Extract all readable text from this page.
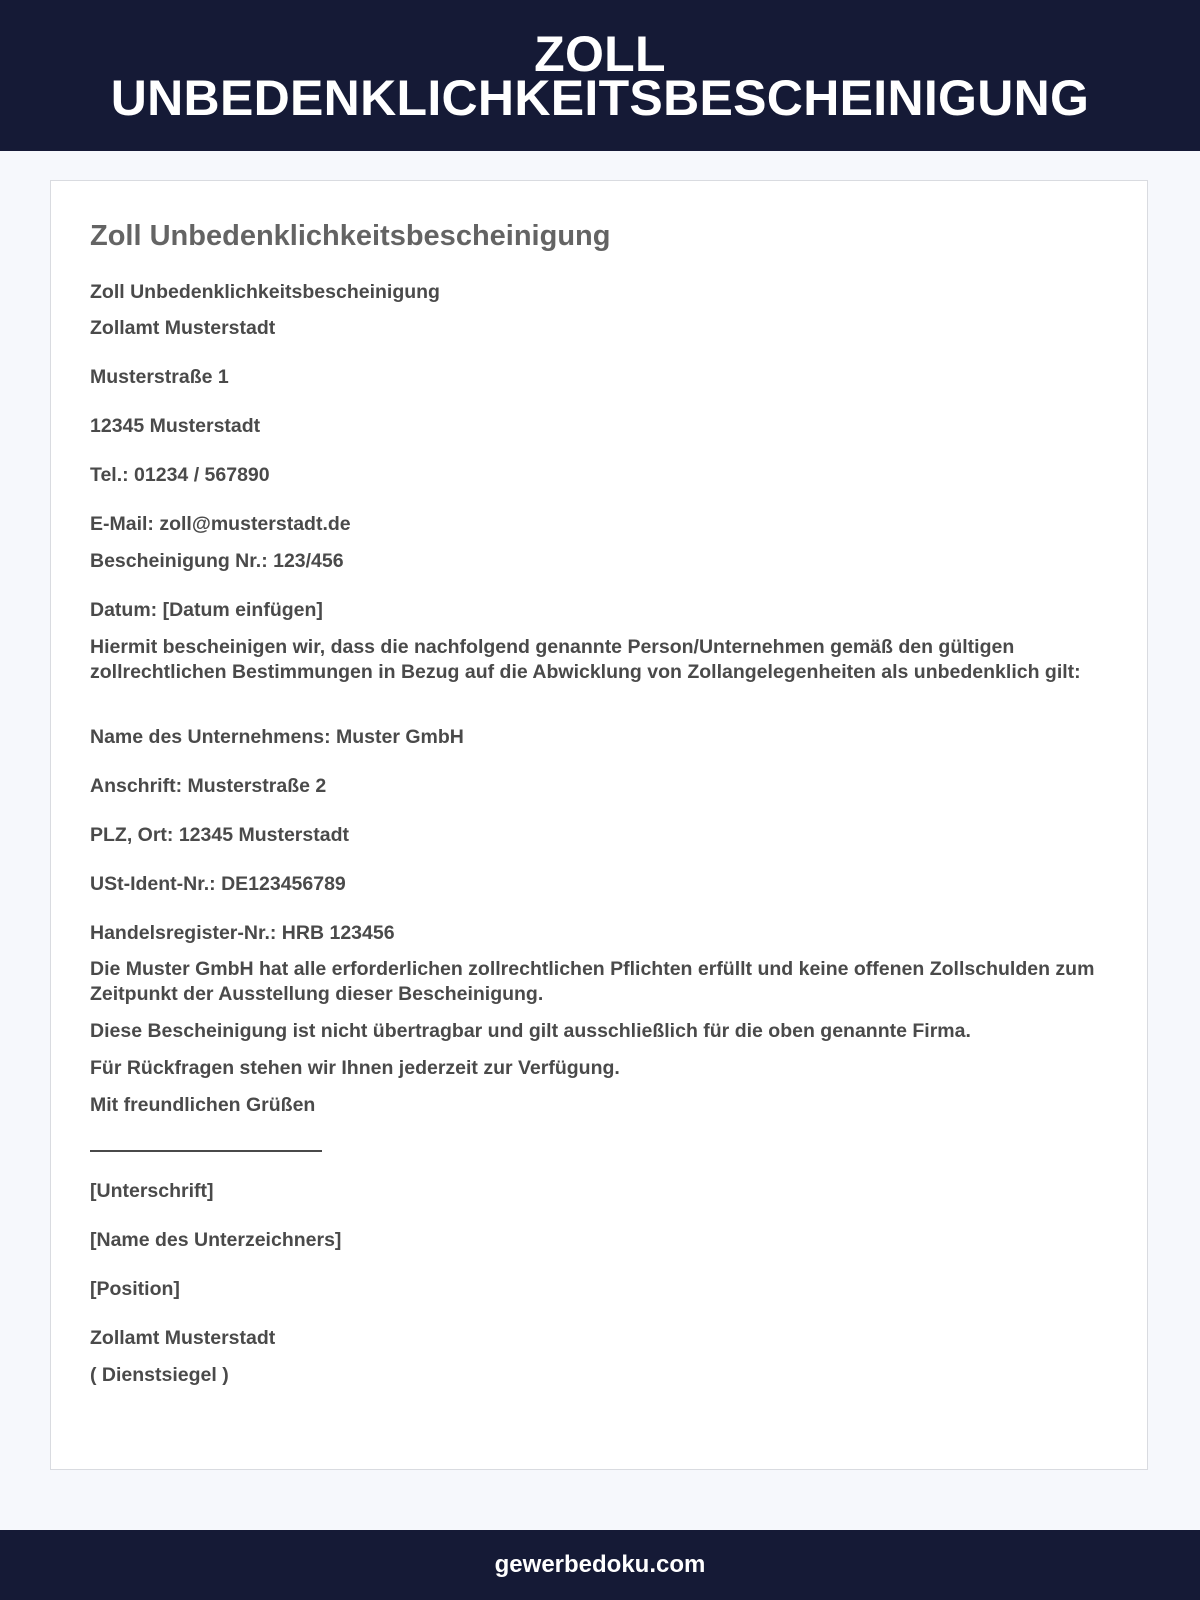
ZOLL UNBEDENKLICHKEITSBESCHEINIGUNG
Zoll Unbedenklichkeitsbescheinigung

Zoll Unbedenklichkeitsbescheinigung

Zollamt Musterstadt

Musterstraße 1

12345 Musterstadt

Tel.: 01234 / 567890

E-Mail: zoll@musterstadt.de

Bescheinigung Nr.: 123/456

Datum: [Datum einfügen]

Hiermit bescheinigen wir, dass die nachfolgend genannte Person/Unternehmen gemäß den gültigen zollrechtlichen Bestimmungen in Bezug auf die Abwicklung von Zollangelegenheiten als unbedenklich gilt:

Name des Unternehmens: Muster GmbH

Anschrift: Musterstraße 2

PLZ, Ort: 12345 Musterstadt

USt-Ident-Nr.: DE123456789

Handelsregister-Nr.: HRB 123456

Die Muster GmbH hat alle erforderlichen zollrechtlichen Pflichten erfüllt und keine offenen Zollschulden zum Zeitpunkt der Ausstellung dieser Bescheinigung.

Diese Bescheinigung ist nicht übertragbar und gilt ausschließlich für die oben genannte Firma.

Für Rückfragen stehen wir Ihnen jederzeit zur Verfügung.

Mit freundlichen Grüßen

[Unterschrift]

[Name des Unterzeichners]

[Position]

Zollamt Musterstadt

( Dienstsiegel )

gewerbedoku.com
